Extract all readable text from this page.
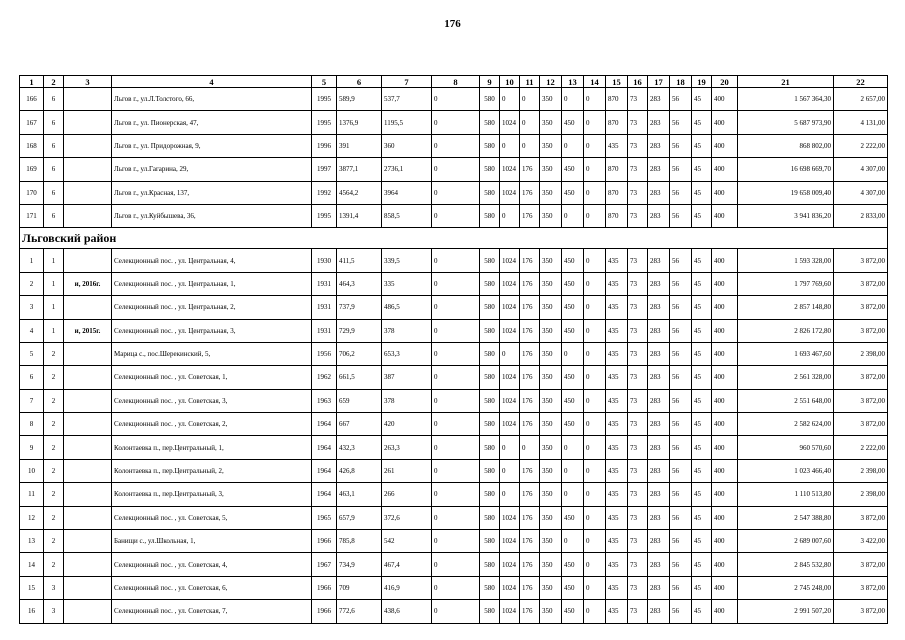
176
1	2	3	4	5	6	7	8	9	10	11	12	13	14	15	16	17	18	19	20	21	22
166	6		Льгов г., ул.Л.Толстого, 66,	1995	589,9	537,7	0	580	0	0	350	0	0	870	73	283	56	45	400	1 567 364,30	2 657,00
167	6		Льгов г., ул. Пионерская, 47,	1995	1376,9	1195,5	0	580	1024	0	350	450	0	870	73	283	56	45	400	5 687 973,90	4 131,00
168	6		Льгов г., ул. Придорожная, 9,	1996	391	360	0	580	0	0	350	0	0	435	73	283	56	45	400	868 802,00	2 222,00
169	6		Льгов г., ул.Гагарина, 29,	1997	3877,1	2736,1	0	580	1024	176	350	450	0	870	73	283	56	45	400	16 698 669,70	4 307,00
170	6		Льгов г., ул.Красная, 137,	1992	4564,2	3964	0	580	1024	176	350	450	0	870	73	283	56	45	400	19 658 009,40	4 307,00
171	6		Льгов г., ул.Куйбышева, 36,	1995	1391,4	858,5	0	580	0	176	350	0	0	870	73	283	56	45	400	3 941 836,20	2 833,00
Льговский район																					
1	1		Селекционный пос. , ул. Центральная, 4,	1930	411,5	339,5	0	580	1024	176	350	450	0	435	73	283	56	45	400	1 593 328,00	3 872,00
2	1	и, 2016г.	Селекционный пос. , ул. Центральная, 1,	1931	464,3	335	0	580	1024	176	350	450	0	435	73	283	56	45	400	1 797 769,60	3 872,00
3	1		Селекционный пос. , ул. Центральная, 2,	1931	737,9	486,5	0	580	1024	176	350	450	0	435	73	283	56	45	400	2 857 148,80	3 872,00
4	1	и, 2015г.	Селекционный пос. , ул. Центральная, 3,	1931	729,9	378	0	580	1024	176	350	450	0	435	73	283	56	45	400	2 826 172,80	3 872,00
5	2		Марица с., пос.Шерекинский, 5,	1956	706,2	653,3	0	580	0	176	350	0	0	435	73	283	56	45	400	1 693 467,60	2 398,00
6	2		Селекционный пос. , ул. Советская, 1,	1962	661,5	387	0	580	1024	176	350	450	0	435	73	283	56	45	400	2 561 328,00	3 872,00
7	2		Селекционный пос. , ул. Советская, 3,	1963	659	378	0	580	1024	176	350	450	0	435	73	283	56	45	400	2 551 648,00	3 872,00
8	2		Селекционный пос. , ул. Советская, 2,	1964	667	420	0	580	1024	176	350	450	0	435	73	283	56	45	400	2 582 624,00	3 872,00
9	2		Колонтаевка п., пер.Центральный, 1,	1964	432,3	263,3	0	580	0	0	350	0	0	435	73	283	56	45	400	960 570,60	2 222,00
10	2		Колонтаевка п., пер.Центральный, 2,	1964	426,8	261	0	580	0	176	350	0	0	435	73	283	56	45	400	1 023 466,40	2 398,00
11	2		Колонтаевка п., пер.Центральный, 3,	1964	463,1	266	0	580	0	176	350	0	0	435	73	283	56	45	400	1 110 513,80	2 398,00
12	2		Селекционный пос. , ул. Советская, 5,	1965	657,9	372,6	0	580	1024	176	350	450	0	435	73	283	56	45	400	2 547 388,80	3 872,00
13	2		Банищи с., ул.Школьная, 1,	1966	785,8	542	0	580	1024	176	350	0	0	435	73	283	56	45	400	2 689 007,60	3 422,00
14	2		Селекционный пос. , ул. Советская, 4,	1967	734,9	467,4	0	580	1024	176	350	450	0	435	73	283	56	45	400	2 845 532,80	3 872,00
15	3		Селекционный пос. , ул. Советская, 6,	1966	709	416,9	0	580	1024	176	350	450	0	435	73	283	56	45	400	2 745 248,00	3 872,00
16	3		Селекционный пос. , ул. Советская, 7,	1966	772,6	438,6	0	580	1024	176	350	450	0	435	73	283	56	45	400	2 991 507,20	3 872,00
